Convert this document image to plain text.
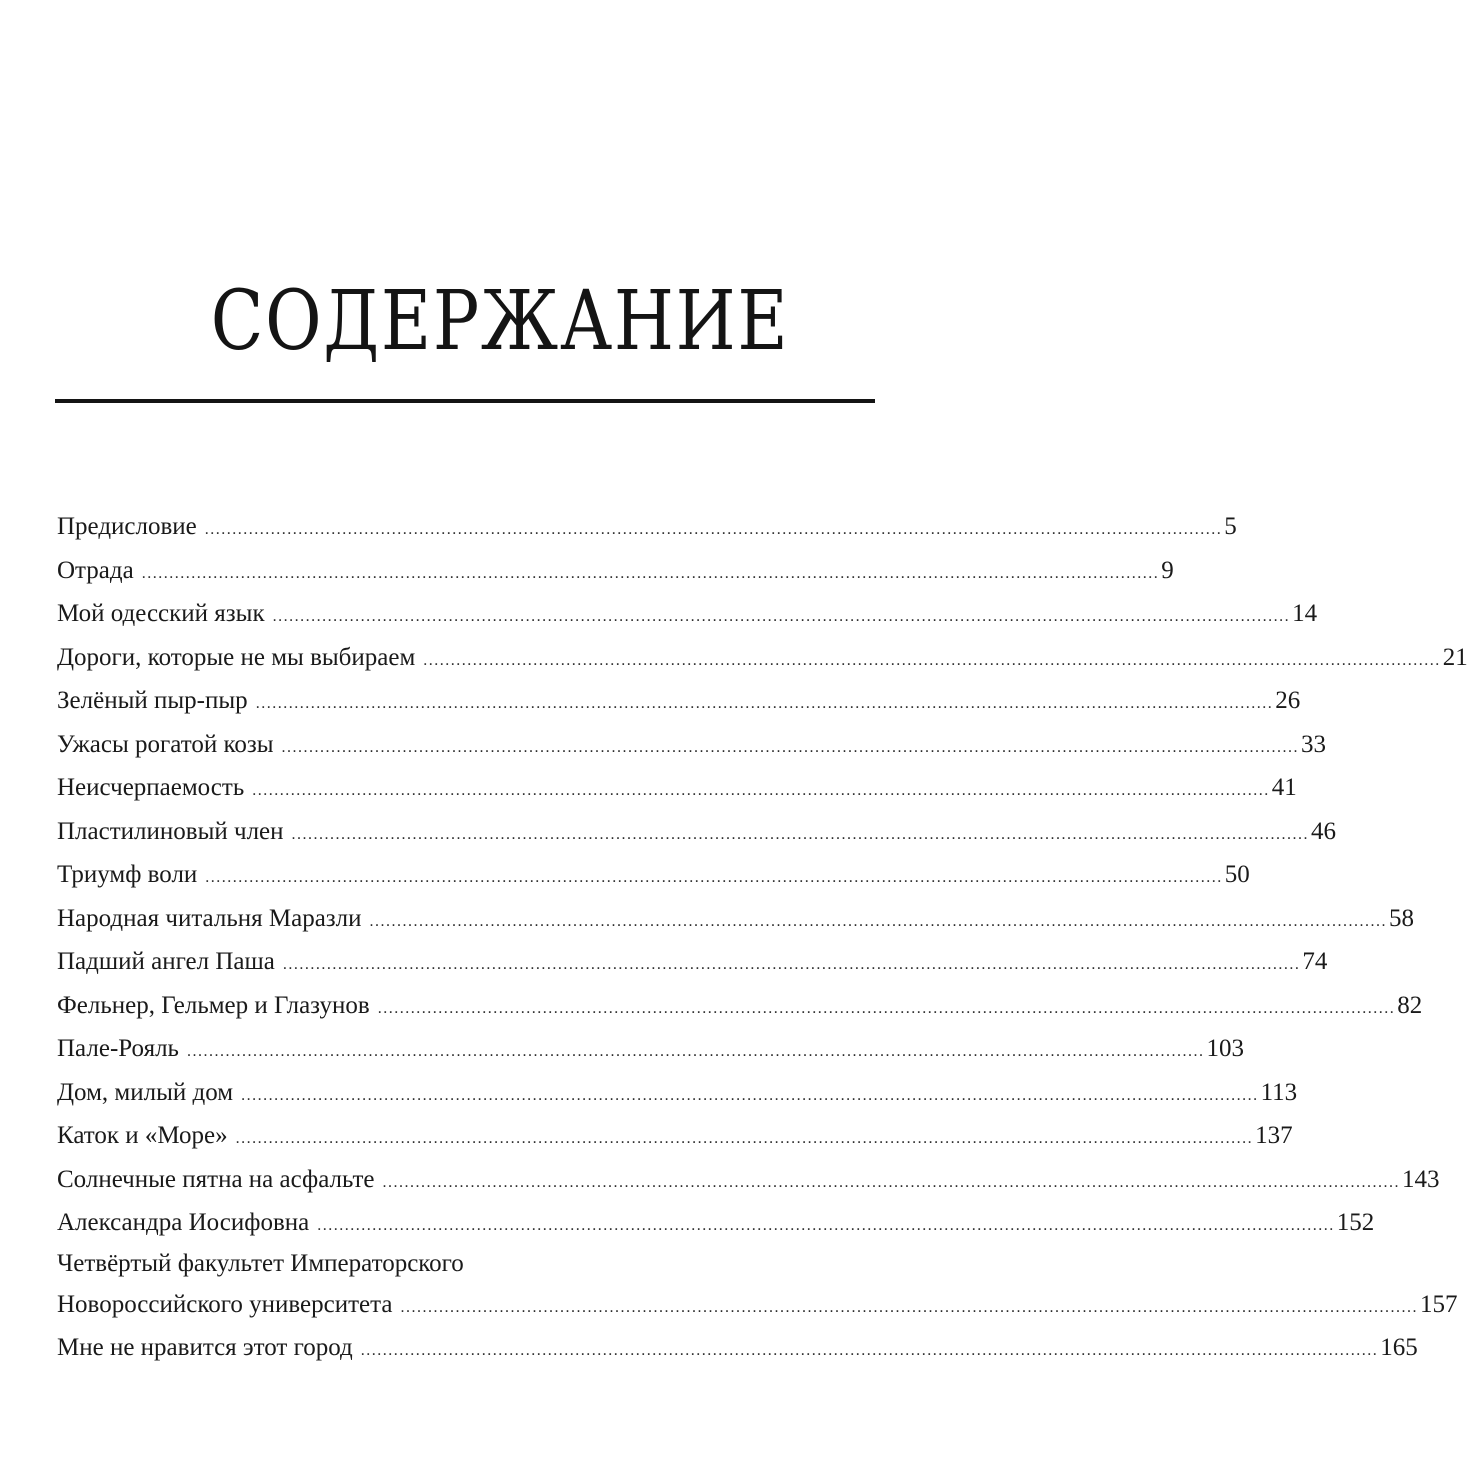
СОДЕРЖАНИЕ
Предисловие ......................................................................................................................................................................................... 5
Отрада ......................................................................................................................................................................................... 9
Мой одесский язык ......................................................................................................................................................................................... 14
Дороги, которые не мы выбираем ......................................................................................................................................................................................... 21
Зелёный пыр-пыр ......................................................................................................................................................................................... 26
Ужасы рогатой козы ......................................................................................................................................................................................... 33
Неисчерпаемость ......................................................................................................................................................................................... 41
Пластилиновый член ......................................................................................................................................................................................... 46
Триумф воли ......................................................................................................................................................................................... 50
Народная читальня Маразли ......................................................................................................................................................................................... 58
Падший ангел Паша ......................................................................................................................................................................................... 74
Фельнер, Гельмер и Глазунов ......................................................................................................................................................................................... 82
Пале-Рояль ......................................................................................................................................................................................... 103
Дом, милый дом ......................................................................................................................................................................................... 113
Каток и «Море» ......................................................................................................................................................................................... 137
Солнечные пятна на асфальте ......................................................................................................................................................................................... 143
Александра Иосифовна ......................................................................................................................................................................................... 152
Четвёртый факультет Императорского
Новороссийского университета ......................................................................................................................................................................................... 157
Мне не нравится этот город ......................................................................................................................................................................................... 165
